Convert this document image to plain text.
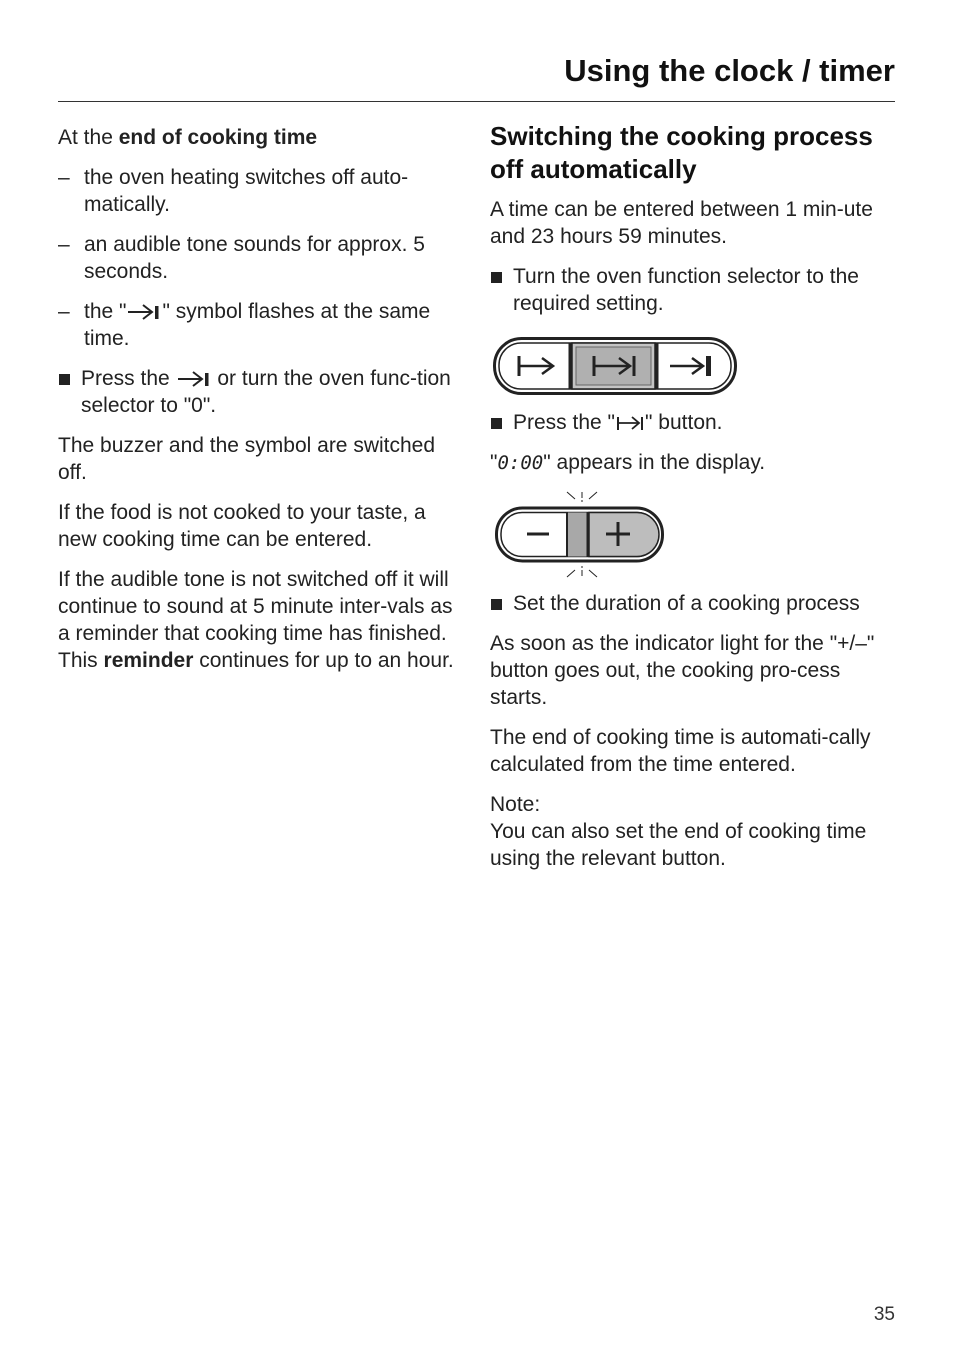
Using the clock / timer

At the end of cooking time

– the oven heating switches off auto-matically.
– an audible tone sounds for approx. 5 seconds.
– the " " symbol flashes at the same time.
Press the  or turn the oven func-tion selector to "0".

The buzzer and the symbol are switched off.

If the food is not cooked to your taste, a new cooking time can be entered.

If the audible tone is not switched off it will continue to sound at 5 minute inter-vals as a reminder that cooking time has finished. This reminder continues for up to an hour.

Switching the cooking process off automatically

A time can be entered between 1 min-ute and 23 hours 59 minutes.

Turn the oven function selector to the required setting.
Press the " " button.

"0:00" appears in the display.

Set the duration of a cooking process

As soon as the indicator light for the "+/–" button goes out, the cooking pro-cess starts.

The end of cooking time is automati-cally calculated from the time entered.

Note:
You can also set the end of cooking time using the relevant button.

35
